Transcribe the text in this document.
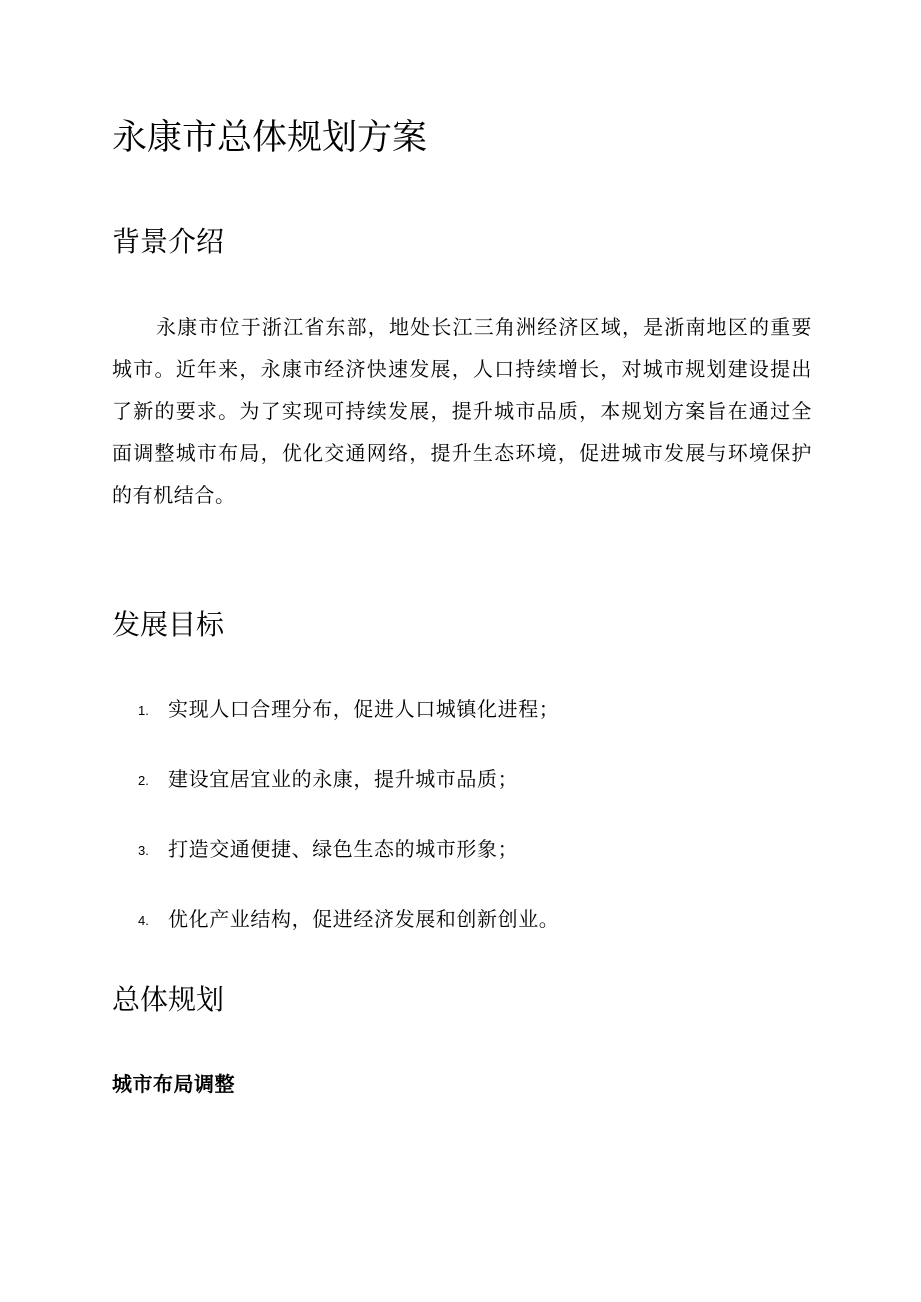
永康市总体规划方案
背景介绍

永康市位于浙江省东部，地处长江三角洲经济区域，是浙南地区的重要城市。近年来，永康市经济快速发展，人口持续增长，对城市规划建设提出了新的要求。为了实现可持续发展，提升城市品质，本规划方案旨在通过全面调整城市布局，优化交通网络，提升生态环境，促进城市发展与环境保护的有机结合。

发展目标
1. 实现人口合理分布，促进人口城镇化进程；
2. 建设宜居宜业的永康，提升城市品质；
3. 打造交通便捷、绿色生态的城市形象；
4. 优化产业结构，促进经济发展和创新创业。
总体规划
城市布局调整
